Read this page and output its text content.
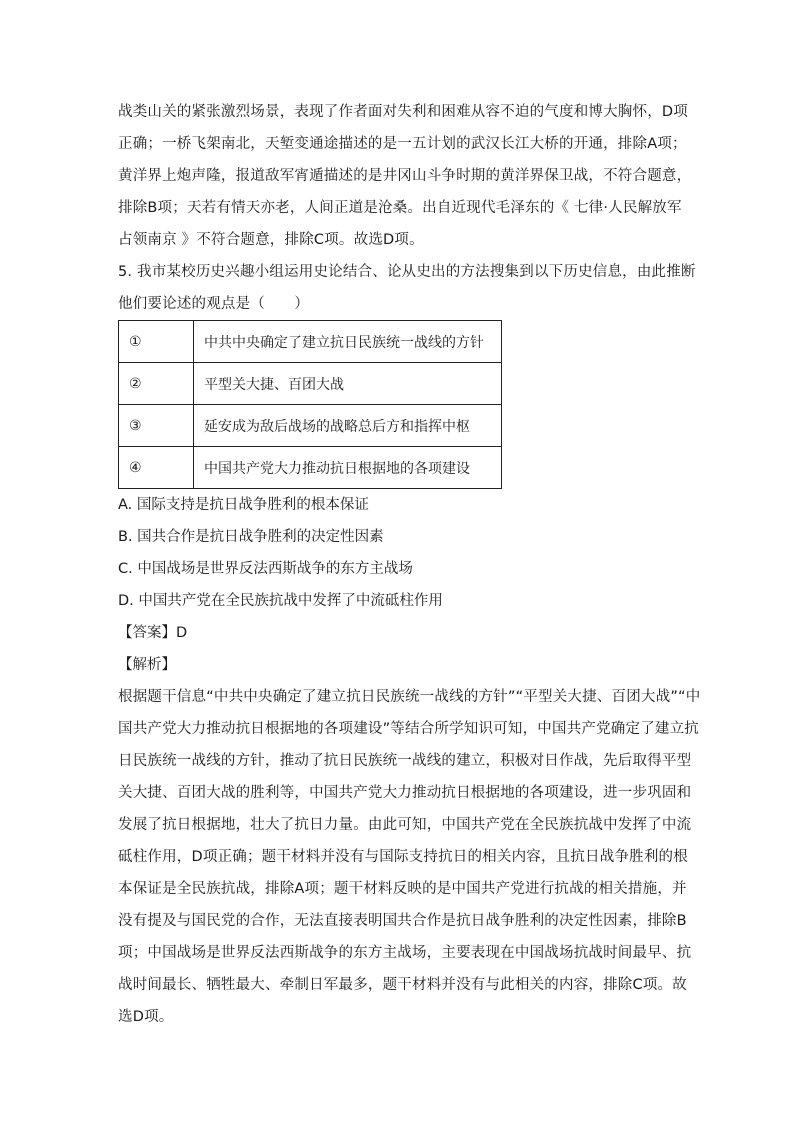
战类山关的紧张激烈场景，表现了作者面对失利和困难从容不迫的气度和博大胸怀，D项
正确；一桥飞架南北，天堑变通途描述的是一五计划的武汉长江大桥的开通，排除A项；
黄洋界上炮声隆，报道敌军宵遁描述的是井冈山斗争时期的黄洋界保卫战，不符合题意，
排除B项；天若有情天亦老，人间正道是沧桑。出自近现代毛泽东的《 七律·人民解放军
占领南京 》不符合题意，排除C项。故选D项。
5. 我市某校历史兴趣小组运用史论结合、论从史出的方法搜集到以下历史信息，由此推断
他们要论述的观点是（　　）
①	中共中央确定了建立抗日民族统一战线的方针
②	平型关大捷、百团大战
③	延安成为敌后战场的战略总后方和指挥中枢
④	中国共产党大力推动抗日根据地的各项建设
A. 国际支持是抗日战争胜利的根本保证
B. 国共合作是抗日战争胜利的决定性因素
C. 中国战场是世界反法西斯战争的东方主战场
D. 中国共产党在全民族抗战中发挥了中流砥柱作用
【答案】D
【解析】
根据题干信息“中共中央确定了建立抗日民族统一战线的方针”“平型关大捷、百团大战”“中
国共产党大力推动抗日根据地的各项建设”等结合所学知识可知，中国共产党确定了建立抗
日民族统一战线的方针，推动了抗日民族统一战线的建立，积极对日作战，先后取得平型
关大捷、百团大战的胜利等，中国共产党大力推动抗日根据地的各项建设，进一步巩固和
发展了抗日根据地，壮大了抗日力量。由此可知，中国共产党在全民族抗战中发挥了中流
砥柱作用，D项正确；题干材料并没有与国际支持抗日的相关内容，且抗日战争胜利的根
本保证是全民族抗战，排除A项；题干材料反映的是中国共产党进行抗战的相关措施，并
没有提及与国民党的合作，无法直接表明国共合作是抗日战争胜利的决定性因素，排除B
项；中国战场是世界反法西斯战争的东方主战场，主要表现在中国战场抗战时间最早、抗
战时间最长、牺牲最大、牵制日军最多，题干材料并没有与此相关的内容，排除C项。故
选D项。
